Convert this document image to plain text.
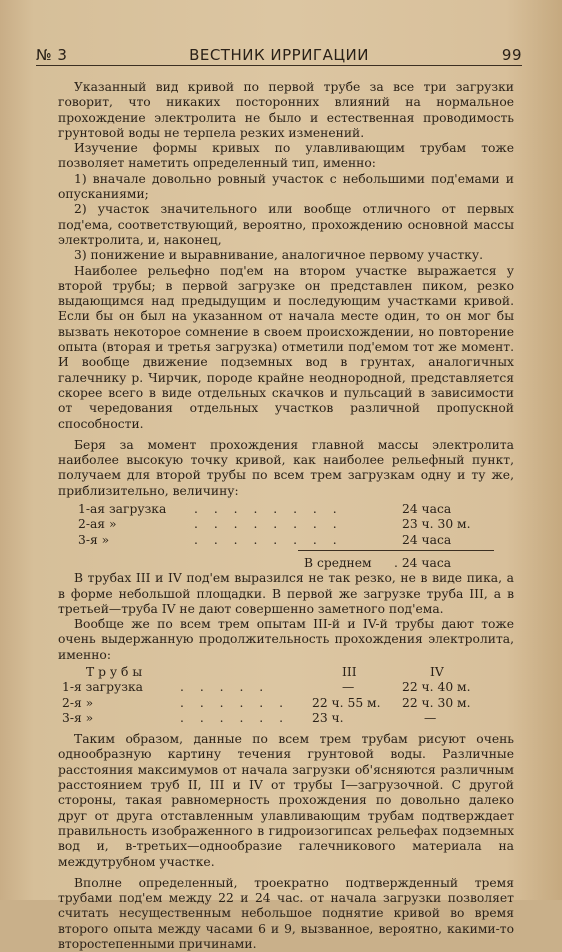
№ 3	ВЕСТНИК ИРРИГАЦИИ	99

Указанный вид кривой по первой трубе за все три загрузки говорит, что никаких посторонних влияний на нормальное прохождение электролита не было и естественная проводимость грунтовой воды не терпела резких изменений.

Изучение формы кривых по улавливающим трубам тоже позволяет наметить определенный тип, именно:

1) вначале довольно ровный участок с небольшими под'емами и опусканиями;

2) участок значительного или вообще отличного от первых под'ема, соответствующий, вероятно, прохождению основной массы электролита, и, наконец,

3) понижение и выравнивание, аналогичное первому участку.

Наиболее рельефно под'ем на втором участке выражается у второй трубы; в первой загрузке он представлен пиком, резко выдающимся над предыдущим и последующим участками кривой. Если бы он был на указанном от начала месте один, то он мог бы вызвать некоторое сомнение в своем происхождении, но повторение опыта (вторая и третья загрузка) отметили под'емом тот же момент. И вообще движение подземных вод в грунтах, аналогичных галечнику р. Чирчик, породе крайне неоднородной, представляется скорее всего в виде отдельных скачков и пульсаций в зависимости от чередования отдельных участков различной пропускной способности.

Беря за момент прохождения главной массы электролита наиболее высокую точку кривой, как наиболее рельефный пункт, получаем для второй трубы по всем трем загрузкам одну и ту же, приблизительно, величину:

1-ая загрузка . . . . . . . .	24 часа
2-ая »	. . . . . . . .	23 ч. 30 м.
3-я »	. . . . . . . .	24 часа
В среднем . 24 часа

В трубах III и IV под'ем выразился не так резко, не в виде пика, а в форме небольшой площадки. В первой же загрузке труба III, а в третьей—труба IV не дают совершенно заметного под'ема.

Вообще же по всем трем опытам III-й и IV-й трубы дают тоже очень выдержанную продолжительность прохождения электролита, именно:

Т р у б ы	III	IV
1-я загрузка	. . . . .	—	22 ч. 40 м.
2-я »	. . . . . . 22 ч. 55 м. 22 ч. 30 м.
3-я »	. . . . . . 23 ч.	—

Таким образом, данные по всем трем трубам рисуют очень однообразную картину течения грунтовой воды. Различные расстояния максимумов от начала загрузки об'ясняются различным расстоянием труб II, III и IV от трубы I—загрузочной. С другой стороны, такая равномерность прохождения по довольно далеко друг от друга отставленным улавливающим трубам подтверждает правильность изображенного в гидроизогипсах рельефах подземных вод и, в-третьих—однообразие галечникового материала на междутрубном участке.

Вполне определенный, троекратно подтвержденный тремя трубами под'ем между 22 и 24 час. от начала загрузки позволяет считать несущественным небольшое поднятие кривой во время второго опыта между часами 6 и 9, вызванное, вероятно, какими-то второстепенными причинами.
